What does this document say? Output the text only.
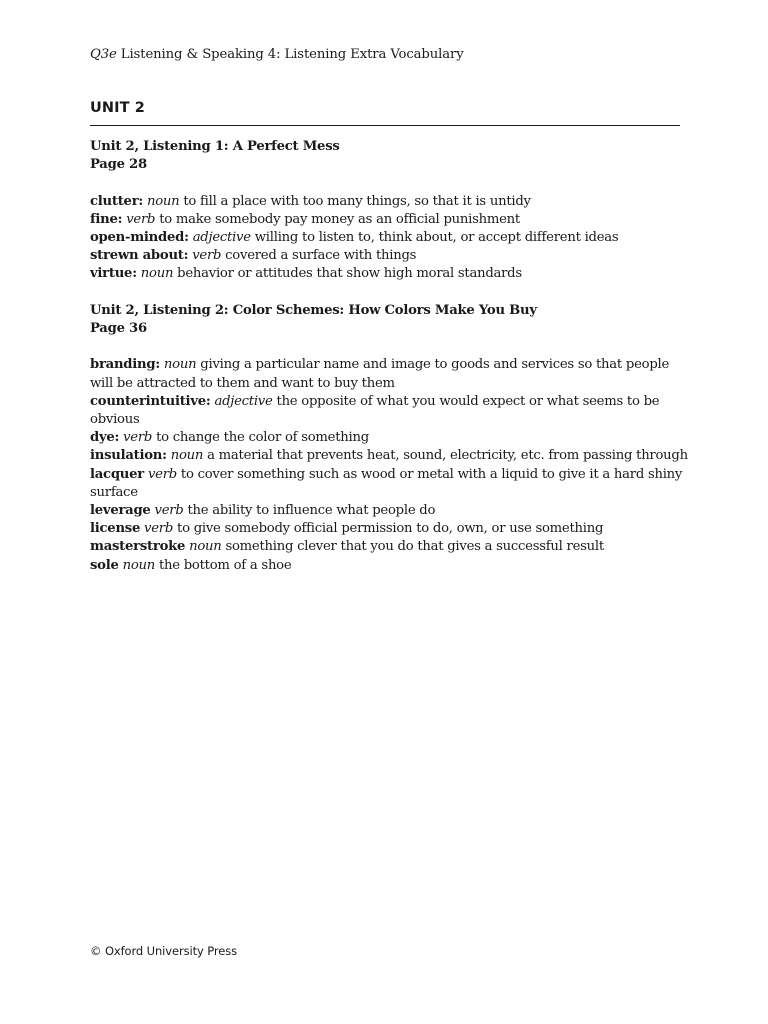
Q3e Listening & Speaking 4: Listening Extra Vocabulary
UNIT 2

Unit 2, Listening 1: A Perfect Mess

Page 28

clutter: noun to fill a place with too many things, so that it is untidy

fine: verb to make somebody pay money as an official punishment

open-minded: adjective willing to listen to, think about, or accept different ideas

strewn about: verb covered a surface with things

virtue: noun behavior or attitudes that show high moral standards

Unit 2, Listening 2: Color Schemes: How Colors Make You Buy

Page 36

branding: noun giving a particular name and image to goods and services so that people will be attracted to them and want to buy them

counterintuitive: adjective the opposite of what you would expect or what seems to be obvious

dye: verb to change the color of something

insulation: noun a material that prevents heat, sound, electricity, etc. from passing through

lacquer verb to cover something such as wood or metal with a liquid to give it a hard shiny surface

leverage verb the ability to influence what people do

license verb to give somebody official permission to do, own, or use something

masterstroke noun something clever that you do that gives a successful result

sole noun the bottom of a shoe

© Oxford University Press
